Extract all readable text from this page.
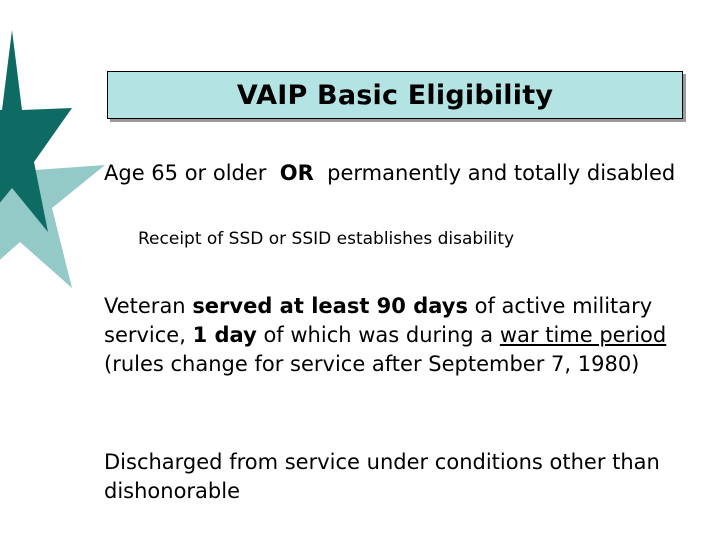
VAIP Basic Eligibility
Age 65 or older OR permanently and totally disabled
Receipt of SSD or SSID establishes disability
Veteran served at least 90 days of active military service, 1 day of which was during a war time period (rules change for service after September 7, 1980)
Discharged from service under conditions other than dishonorable
